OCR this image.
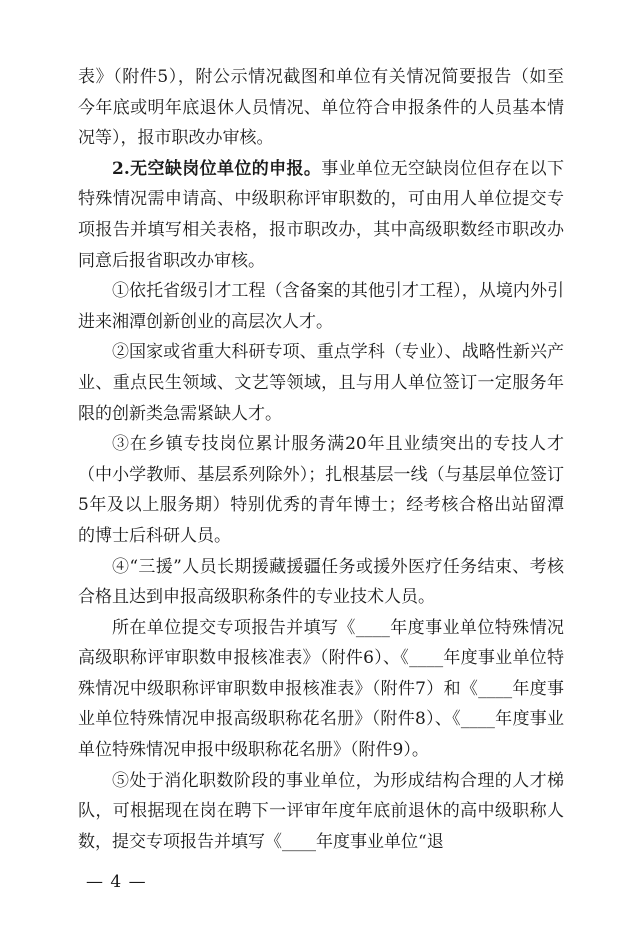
表》（附件5），附公示情况截图和单位有关情况简要报告（如至今年底或明年底退休人员情况、单位符合申报条件的人员基本情况等），报市职改办审核。

2.无空缺岗位单位的申报。事业单位无空缺岗位但存在以下特殊情况需申请高、中级职称评审职数的，可由用人单位提交专项报告并填写相关表格，报市职改办，其中高级职数经市职改办同意后报省职改办审核。

①依托省级引才工程（含备案的其他引才工程），从境内外引进来湘潭创新创业的高层次人才。

②国家或省重大科研专项、重点学科（专业）、战略性新兴产业、重点民生领域、文艺等领域，且与用人单位签订一定服务年限的创新类急需紧缺人才。

③在乡镇专技岗位累计服务满20年且业绩突出的专技人才（中小学教师、基层系列除外）；扎根基层一线（与基层单位签订5年及以上服务期）特别优秀的青年博士；经考核合格出站留潭的博士后科研人员。

④“三援”人员长期援藏援疆任务或援外医疗任务结束、考核合格且达到申报高级职称条件的专业技术人员。

所在单位提交专项报告并填写《____年度事业单位特殊情况高级职称评审职数申报核准表》（附件6）、《____年度事业单位特殊情况中级职称评审职数申报核准表》（附件7）和《____年度事业单位特殊情况申报高级职称花名册》（附件8）、《____年度事业单位特殊情况申报中级职称花名册》（附件9）。

⑤处于消化职数阶段的事业单位，为形成结构合理的人才梯队，可根据现在岗在聘下一评审年度年底前退休的高中级职称人数，提交专项报告并填写《____年度事业单位“退

— 4 —
